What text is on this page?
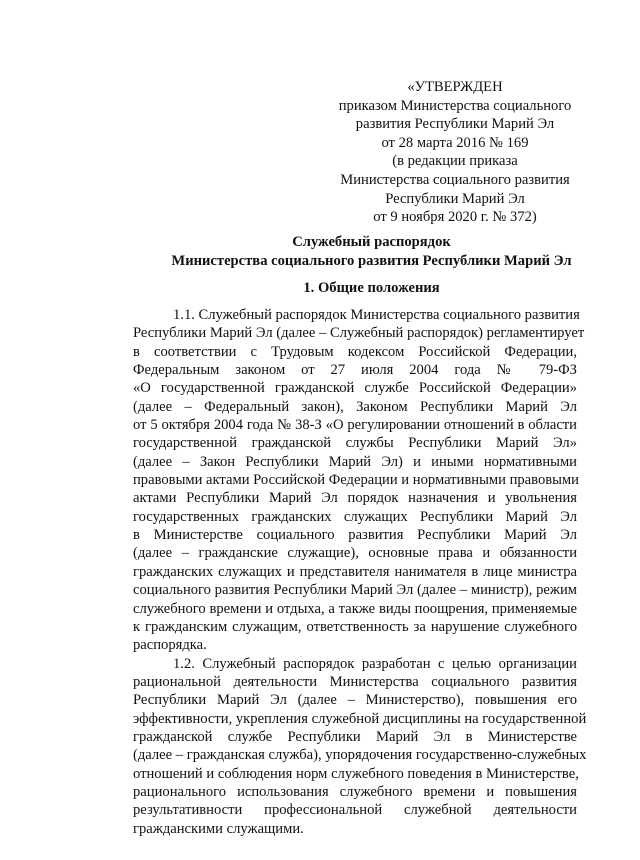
«УТВЕРЖДЕН
приказом Министерства социального
развития Республики Марий Эл
от 28 марта 2016 № 169
(в редакции приказа
Министерства социального развития
Республики Марий Эл
от 9 ноября 2020 г. № 372)
Служебный распорядок
Министерства социального развития Республики Марий Эл
1. Общие положения
1.1. Служебный распорядок Министерства социального развития
Республики Марий Эл (далее – Служебный распорядок) регламентирует
в соответствии с Трудовым кодексом Российской Федерации,
Федеральным законом от 27 июля 2004 года № 79-ФЗ
«О государственной гражданской службе Российской Федерации»
(далее – Федеральный закон), Законом Республики Марий Эл
от 5 октября 2004 года № 38-З «О регулировании отношений в области
государственной гражданской службы Республики Марий Эл»
(далее – Закон Республики Марий Эл) и иными нормативными
правовыми актами Российской Федерации и нормативными правовыми
актами Республики Марий Эл порядок назначения и увольнения
государственных гражданских служащих Республики Марий Эл
в Министерстве социального развития Республики Марий Эл
(далее – гражданские служащие), основные права и обязанности
гражданских служащих и представителя нанимателя в лице министра
социального развития Республики Марий Эл (далее – министр), режим
служебного времени и отдыха, а также виды поощрения, применяемые
к гражданским служащим, ответственность за нарушение служебного
распорядка.
1.2. Служебный распорядок разработан с целью организации
рациональной деятельности Министерства социального развития
Республики Марий Эл (далее – Министерство), повышения его
эффективности, укрепления служебной дисциплины на государственной
гражданской службе Республики Марий Эл в Министерстве
(далее – гражданская служба), упорядочения государственно-служебных
отношений и соблюдения норм служебного поведения в Министерстве,
рационального использования служебного времени и повышения
результативности профессиональной служебной деятельности
гражданскими служащими.
